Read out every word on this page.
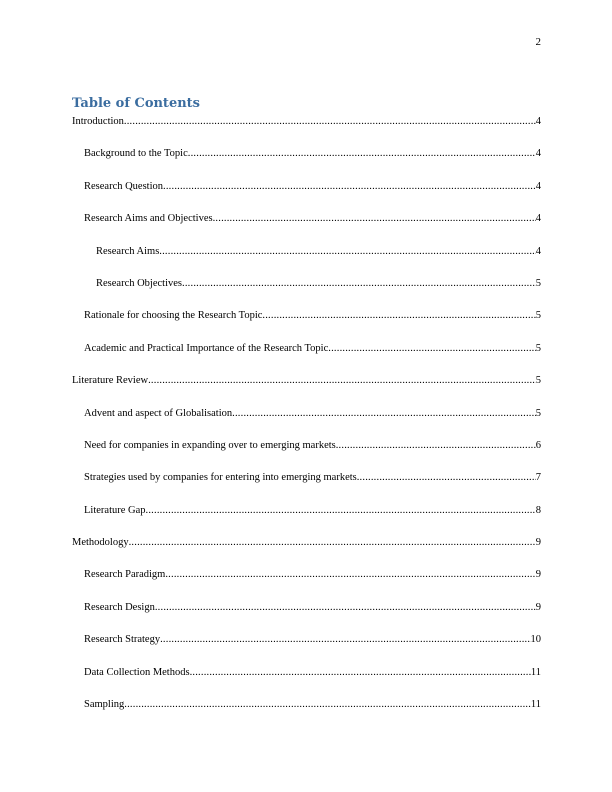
2
Table of Contents
Introduction .....	4
Background to the Topic .....	4
Research Question .....	4
Research Aims and Objectives .....	4
Research Aims .....	4
Research Objectives .....	5
Rationale for choosing the Research Topic .....	5
Academic and Practical Importance of the Research Topic .....	5
Literature Review .....	5
Advent and aspect of Globalisation .....	5
Need for companies in expanding over to emerging markets .....	6
Strategies used by companies for entering into emerging markets .....	7
Literature Gap .....	8
Methodology .....	9
Research Paradigm .....	9
Research Design .....	9
Research Strategy .....	10
Data Collection Methods .....	11
Sampling .....	11
